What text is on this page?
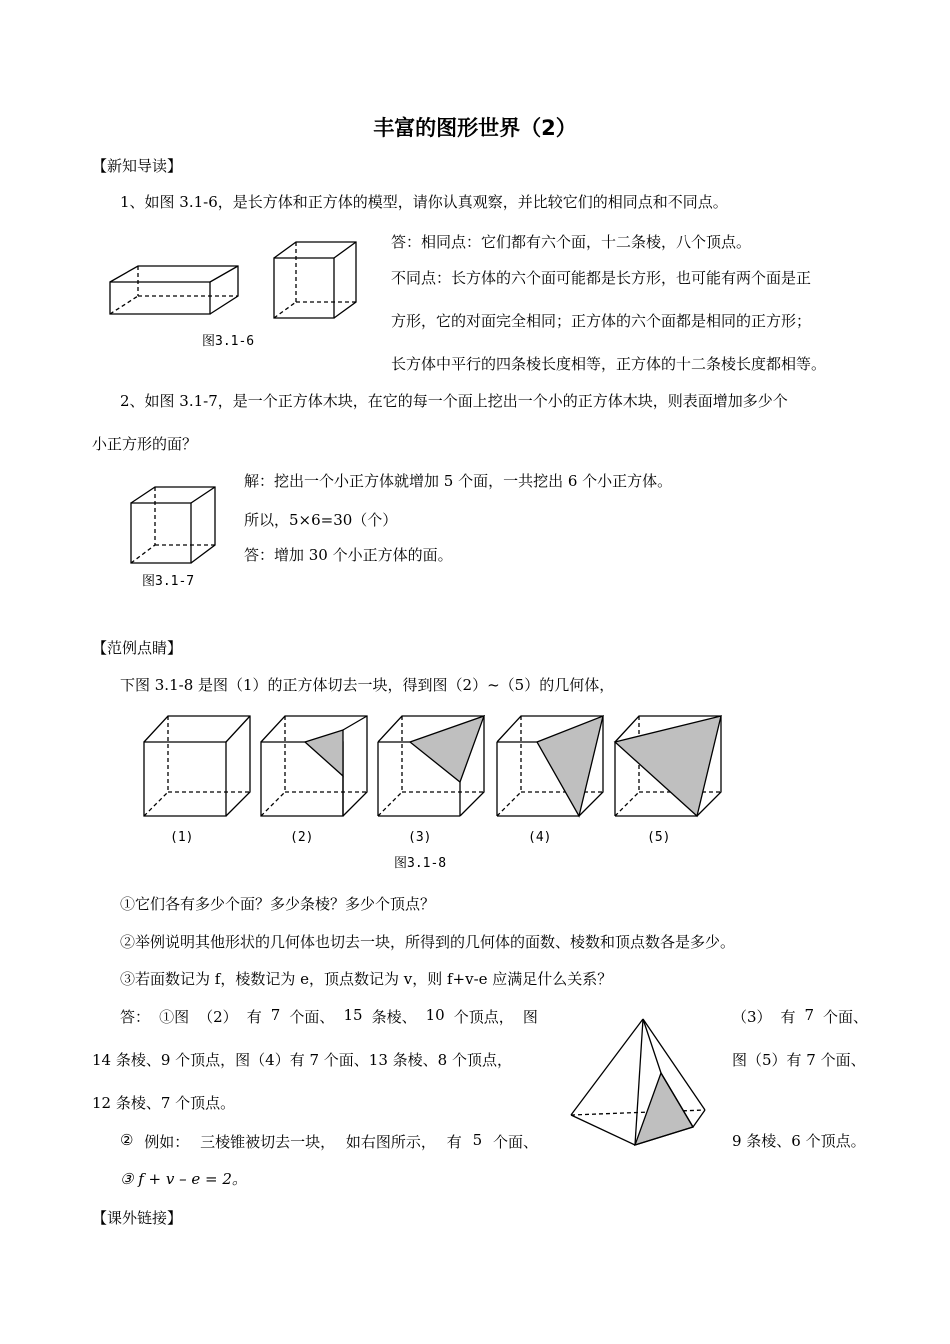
丰富的图形世界（2）
【新知导读】
1、如图 3.1-6，是长方体和正方体的模型，请你认真观察，并比较它们的相同点和不同点。
图3.1-6
答：相同点：它们都有六个面，十二条棱，八个顶点。
不同点：长方体的六个面可能都是长方形，也可能有两个面是正
方形，它的对面完全相同；正方体的六个面都是相同的正方形；
长方体中平行的四条棱长度相等，正方体的十二条棱长度都相等。
2、如图 3.1-7，是一个正方体木块，在它的每一个面上挖出一个小的正方体木块，则表面增加多少个
小正方形的面？
图3.1-7
解：挖出一个小正方体就增加 5 个面，一共挖出 6 个小正方体。
所以，5×6=30（个）
答：增加 30 个小正方体的面。
【范例点睛】
下图 3.1-8 是图（1）的正方体切去一块，得到图（2）~（5）的几何体，
(1)	(2)	(3)	(4)	(5)
图3.1-8
①它们各有多少个面？多少条棱？多少个顶点？
②举例说明其他形状的几何体也切去一块，所得到的几何体的面数、棱数和顶点数各是多少。
③若面数记为 f，棱数记为 e，顶点数记为 v，则 f+v-e 应满足什么关系？
答： ①图 （2） 有 7 个面、 15 条棱、 10 个顶点， 图	（3） 有 7 个面、
14 条棱、9 个顶点，图（4）有 7 个面、13 条棱、8 个顶点，	图（5）有 7 个面、
12 条棱、7 个顶点。
② 例如： 三棱锥被切去一块， 如右图所示， 有 5 个面、	9 条棱、6 个顶点。
③ f + v – e = 2。
【课外链接】
